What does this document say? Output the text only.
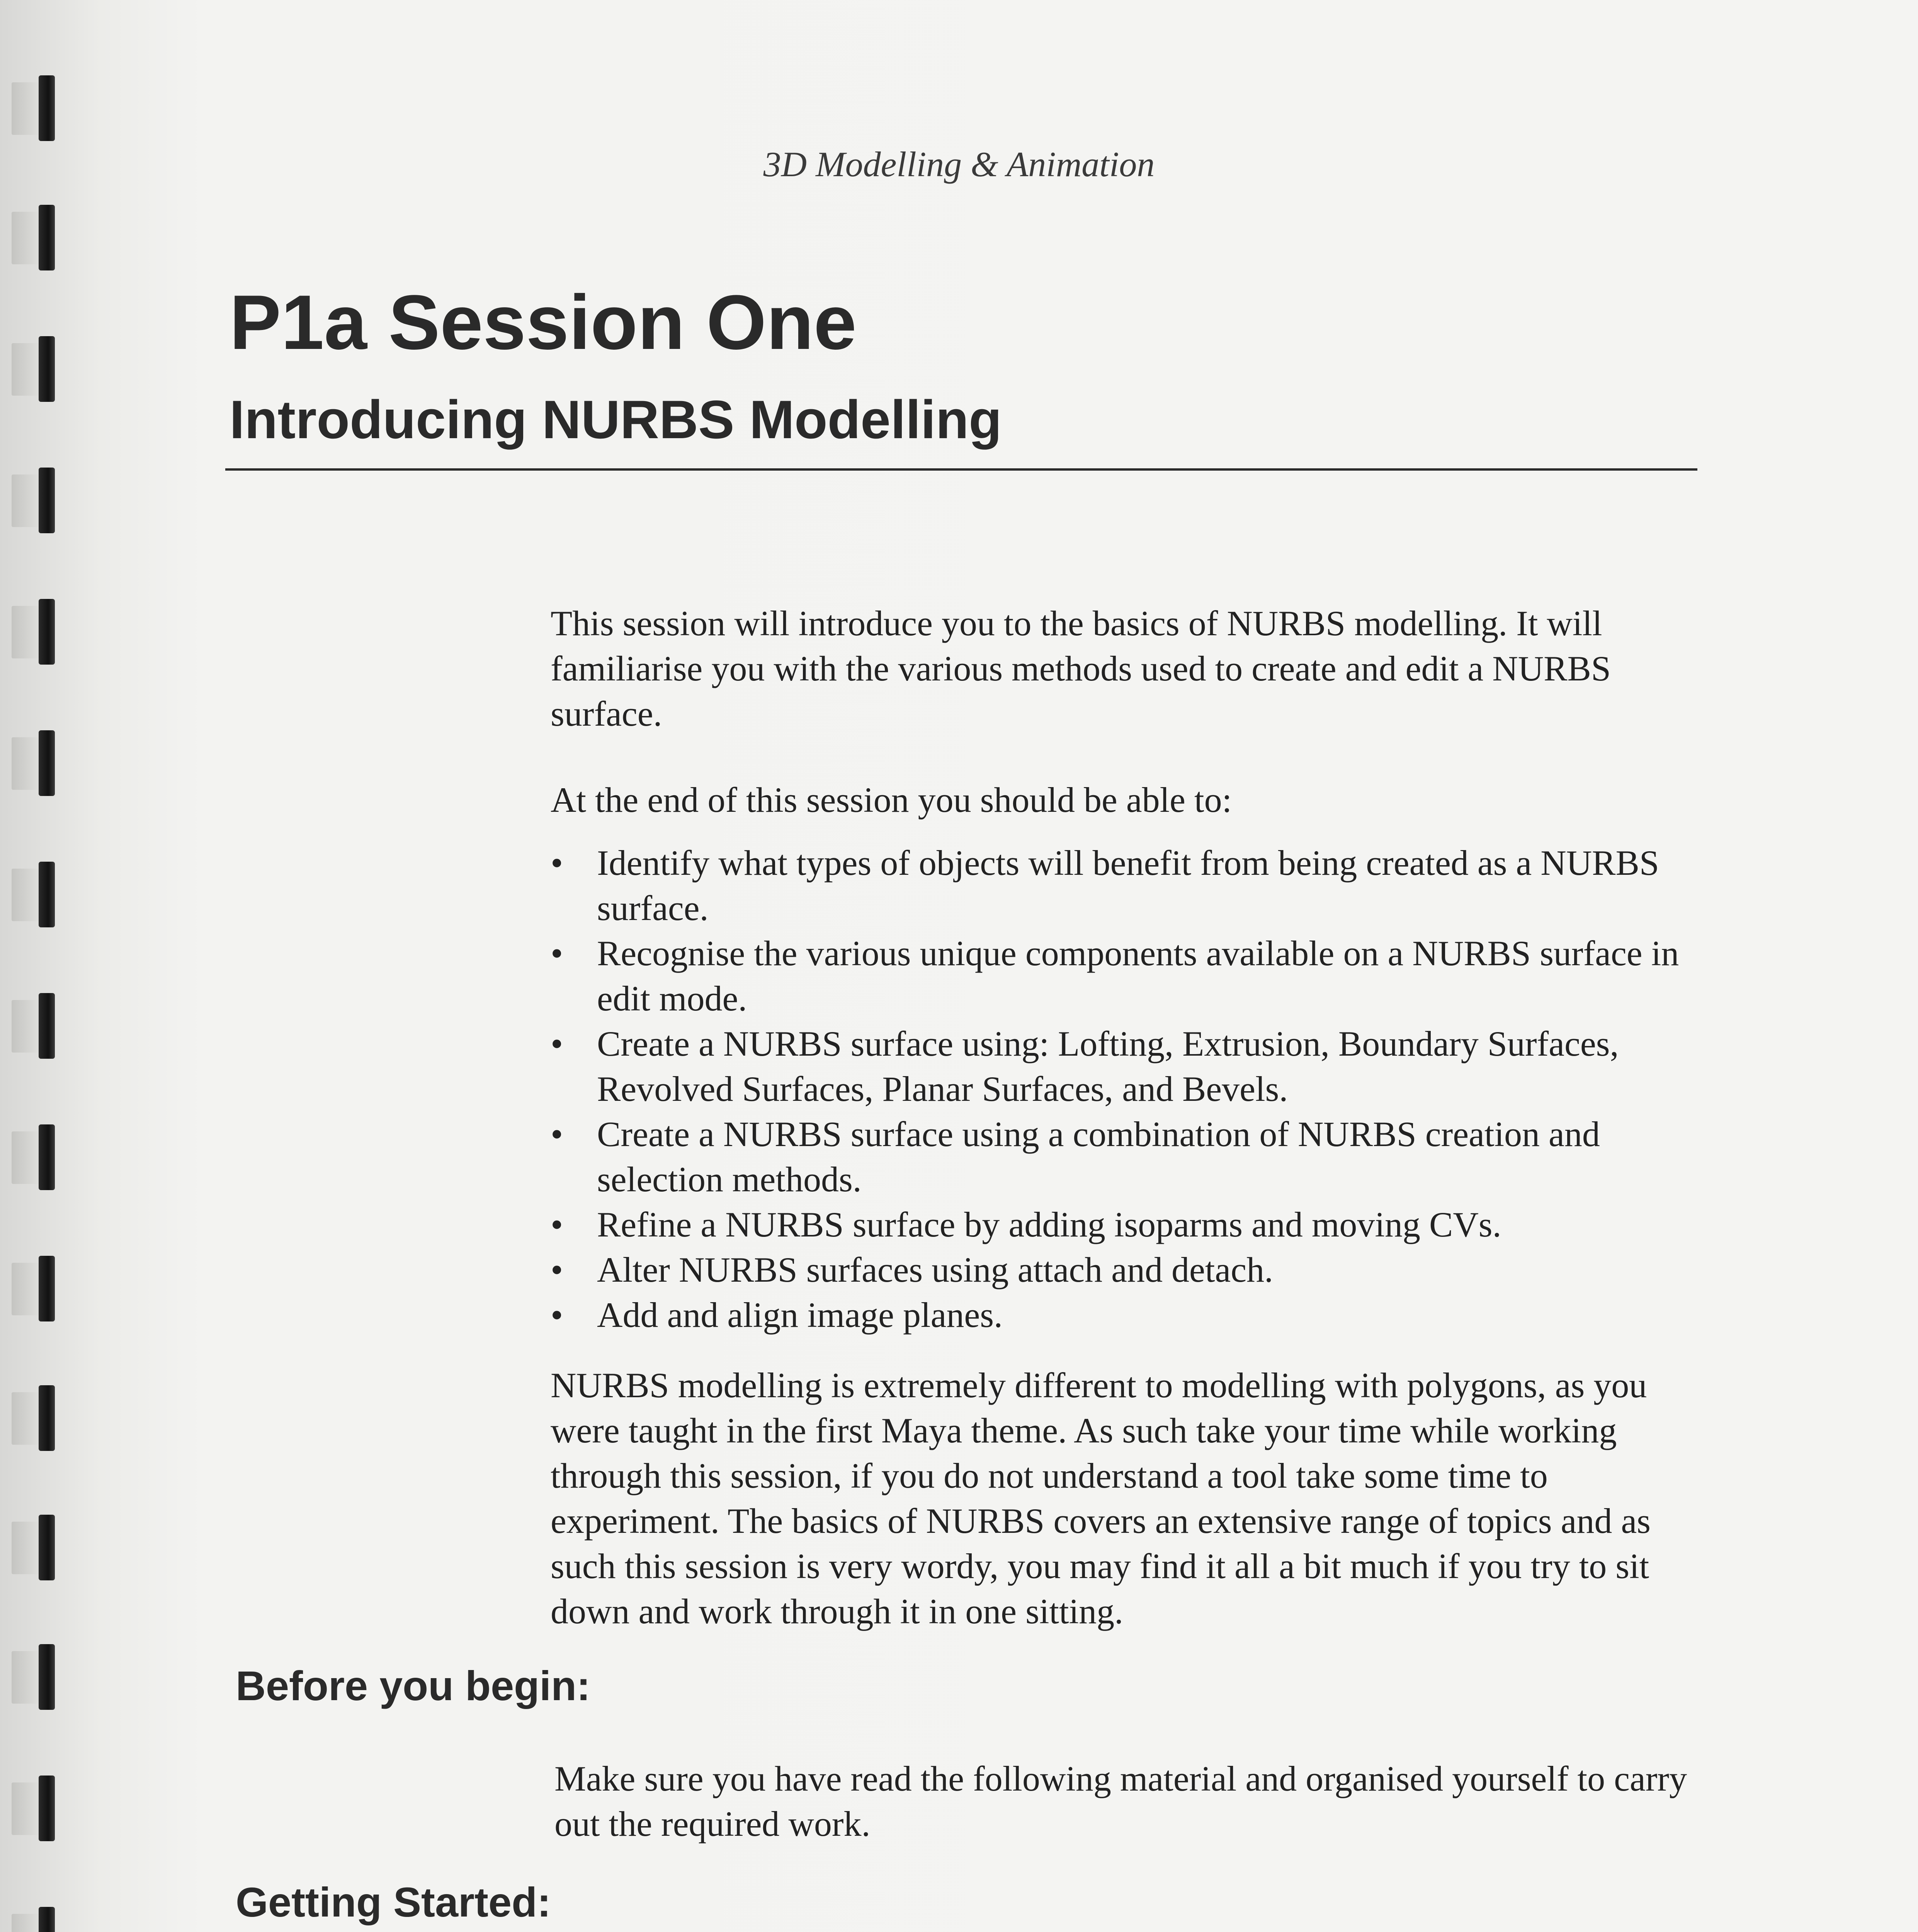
3D Modelling & Animation
P1a Session One
Introducing NURBS Modelling

This session will introduce you to the basics of NURBS modelling. It will familiarise you with the various methods used to create and edit a NURBS surface.

At the end of this session you should be able to:

• Identify what types of objects will benefit from being created as a NURBS surface.
• Recognise the various unique components available on a NURBS surface in edit mode.
• Create a NURBS surface using: Lofting, Extrusion, Boundary Surfaces, Revolved Surfaces, Planar Surfaces, and Bevels.
• Create a NURBS surface using a combination of NURBS creation and selection methods.
• Refine a NURBS surface by adding isoparms and moving CVs.
• Alter NURBS surfaces using attach and detach.
• Add and align image planes.

NURBS modelling is extremely different to modelling with polygons, as you were taught in the first Maya theme. As such take your time while working through this session, if you do not understand a tool take some time to experiment. The basics of NURBS covers an extensive range of topics and as such this session is very wordy, you may find it all a bit much if you try to sit down and work through it in one sitting.

Before you begin:

Make sure you have read the following material and organised yourself to carry out the required work.

Getting Started:
